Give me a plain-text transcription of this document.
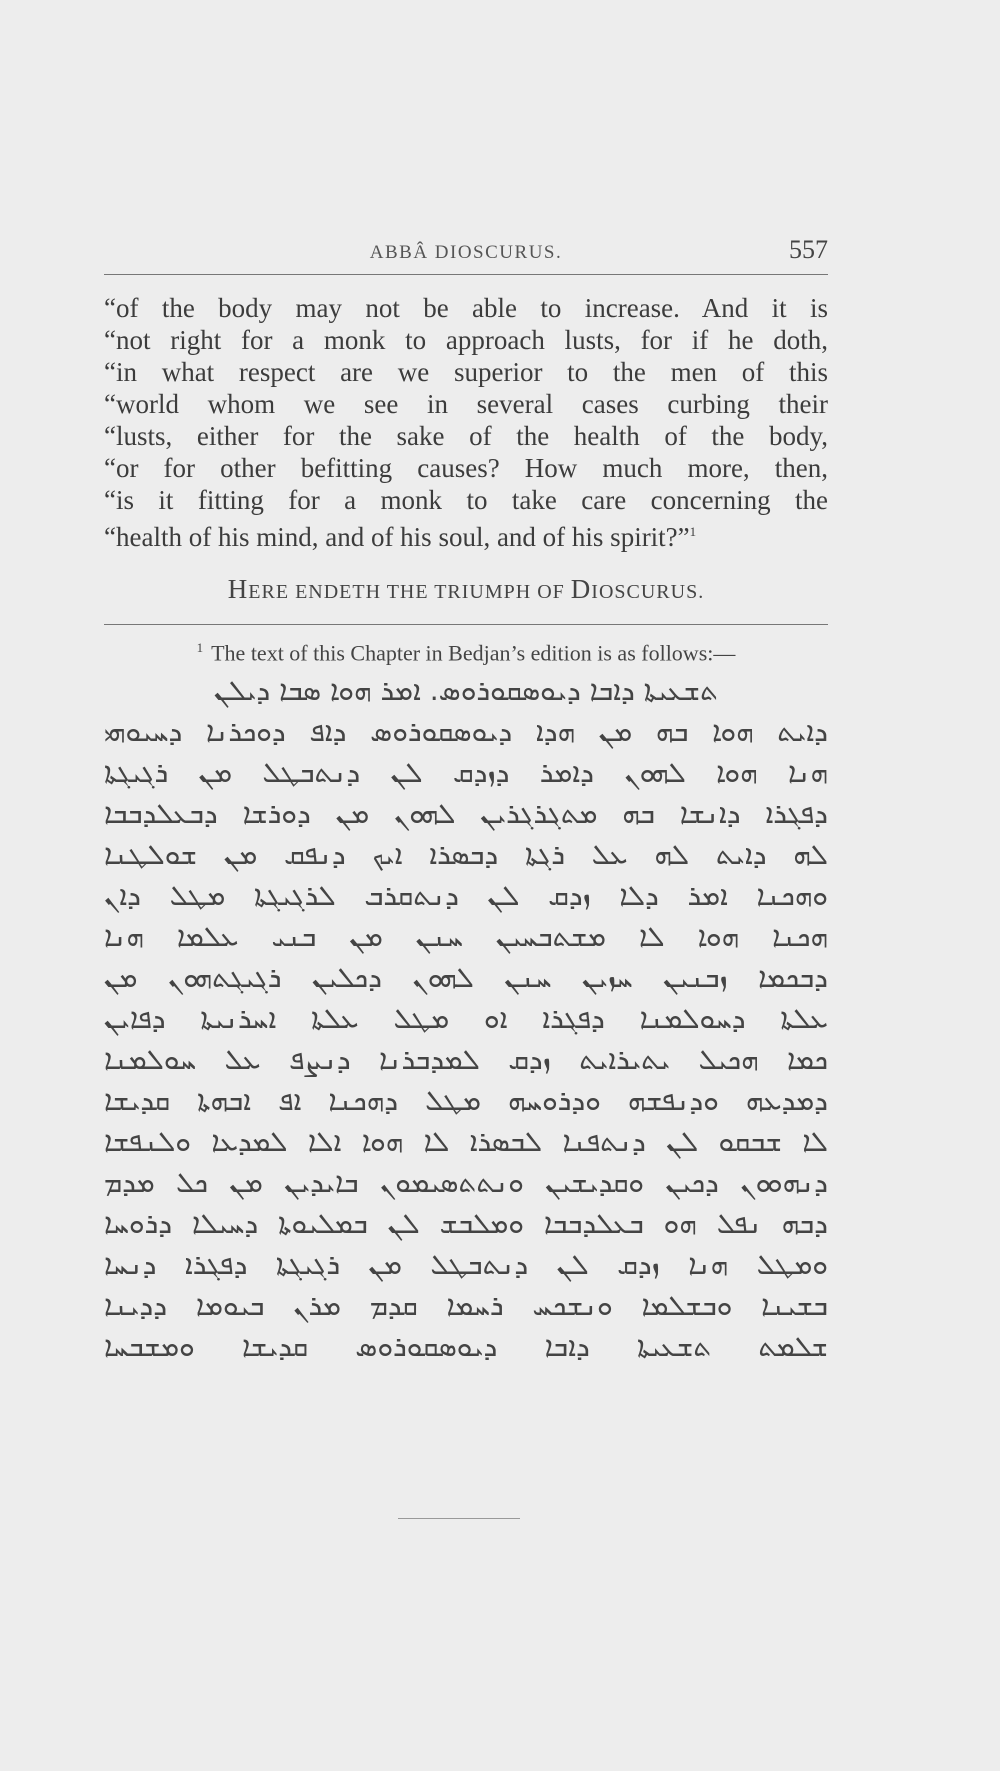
ABBÂ DIOSCURUS.	557
“of the body may not be able to increase. And it is
“not right for a monk to approach lusts, for if he doth,
“in what respect are we superior to the men of this
“world whom we see in several cases curbing their
“lusts, either for the sake of the health of the body,
“or for other befitting causes? How much more, then,
“is it fitting for a monk to take care concerning the
“health of his mind, and of his soul, and of his spirit?”$^1$
HERE ENDETH THE TRIUMPH OF DIOSCURUS.
$^1$ The text of this Chapter in Bedjan’s edition is as follows:—
ܬܫܥܝܬܐ ܕܐܒܐ ܕܝܘܣܩܘܪܘܣ. ܐܡܪ ܗܘܐ ܣܒܐ ܕܝܠܢ
ܕܐܝܬ ܗܘܐ ܒܗ ܡܢ ܗܕܐ ܕܝܘܣܩܘܪܘܣ ܕܐܦ ܕܘܟܪܢܐ ܕܚܝܘܗܝ
ܗܢܐ ܗܘܐ ܠܗܘܢ ܕܐܡܪ ܕܙܕܩ ܠܢ ܕܢܬܒܛܠ ܡܢ ܪܓܝܓܬܐ
ܕܦܓܪܐ ܕܐܢܫܐ ܒܗ ܡܬܓܪܓܪܝܢ ܠܗܘܢ ܡܢ ܕܘܪܫܐ ܕܒܥܠܕܒܒܐ
ܠܗ ܕܐܝܬ ܠܗ ܥܠ ܪܓܬܐ ܕܒܣܪܐ ܐܝܟ ܕܢܦܩ ܡܢ ܫܘܠܛܢܐ
ܘܗܟܢܐ ܐܡܪ ܕܠܐ ܙܕܩ ܠܢ ܕܢܬܩܪܒ ܠܪܓܝܓܬܐ ܡܛܠ ܕܐܢ
ܗܟܢܐ ܗܘܐ ܠܐ ܡܫܬܒܚܝܢ ܚܢܢ ܡܢ ܒܢܝ ܥܠܡܐ ܗܢܐ
ܕܒܟܡܐ ܙܒܢܝܢ ܚܙܝܢ ܚܢܢ ܠܗܘܢ ܕܟܠܝܢ ܪܓܝܓܬܗܘܢ ܡܢ
ܥܠܬܐ ܕܚܘܠܡܢܐ ܕܦܓܪܐ ܐܘ ܡܛܠ ܥܠܬܐ ܐܚܪܢܝܬܐ ܕܦܐܝܢ
ܟܡܐ ܗܟܝܠ ܝܬܝܪܐܝܬ ܙܕܩ ܠܡܕܒܪܢܐ ܕܢܨܦ ܥܠ ܚܘܠܡܢܐ
ܕܡܕܥܗ ܘܕܢܦܫܗ ܘܕܪܘܚܗ ܡܛܠ ܕܗܟܢܐ ܐܦ ܐܒܗܬܐ ܩܕܝܫܐ
ܠܐ ܫܒܩܘ ܠܢ ܕܢܬܦܢܐ ܠܒܣܪܐ ܠܐ ܗܘܐ ܐܠܐ ܠܡܕܥܐ ܘܠܢܦܫܐ
ܕܢܗܘܘܢ ܕܟܝܢ ܘܩܕܝܫܝܢ ܘܢܬܬܣܝܡܘܢ ܒܐܝܕܝܢ ܡܢ ܟܠ ܡܕܡ
ܕܒܗ ܢܦܠ ܗܘ ܒܥܠܕܒܒܐ ܘܡܠܒܫ ܠܢ ܒܡܠܝܘܬܐ ܕܚܝܠܐ ܕܪܘܚܐ
ܘܡܛܠ ܗܢܐ ܙܕܩ ܠܢ ܕܢܬܒܛܠ ܡܢ ܪܓܝܓܬܐ ܕܦܓܪܐ ܕܢܚܐ
ܒܫܝܢܐ ܘܒܫܠܡܐ ܘܢܫܟܚ ܪܚܡܐ ܩܕܡ ܡܪܢ ܒܝܘܡܐ ܕܕܝܢܐ
ܫܠܡܬ ܬܫܥܝܬܐ ܕܐܒܐ ܕܝܘܣܩܘܪܘܣ ܩܕܝܫܐ ܘܡܫܒܚܐ
